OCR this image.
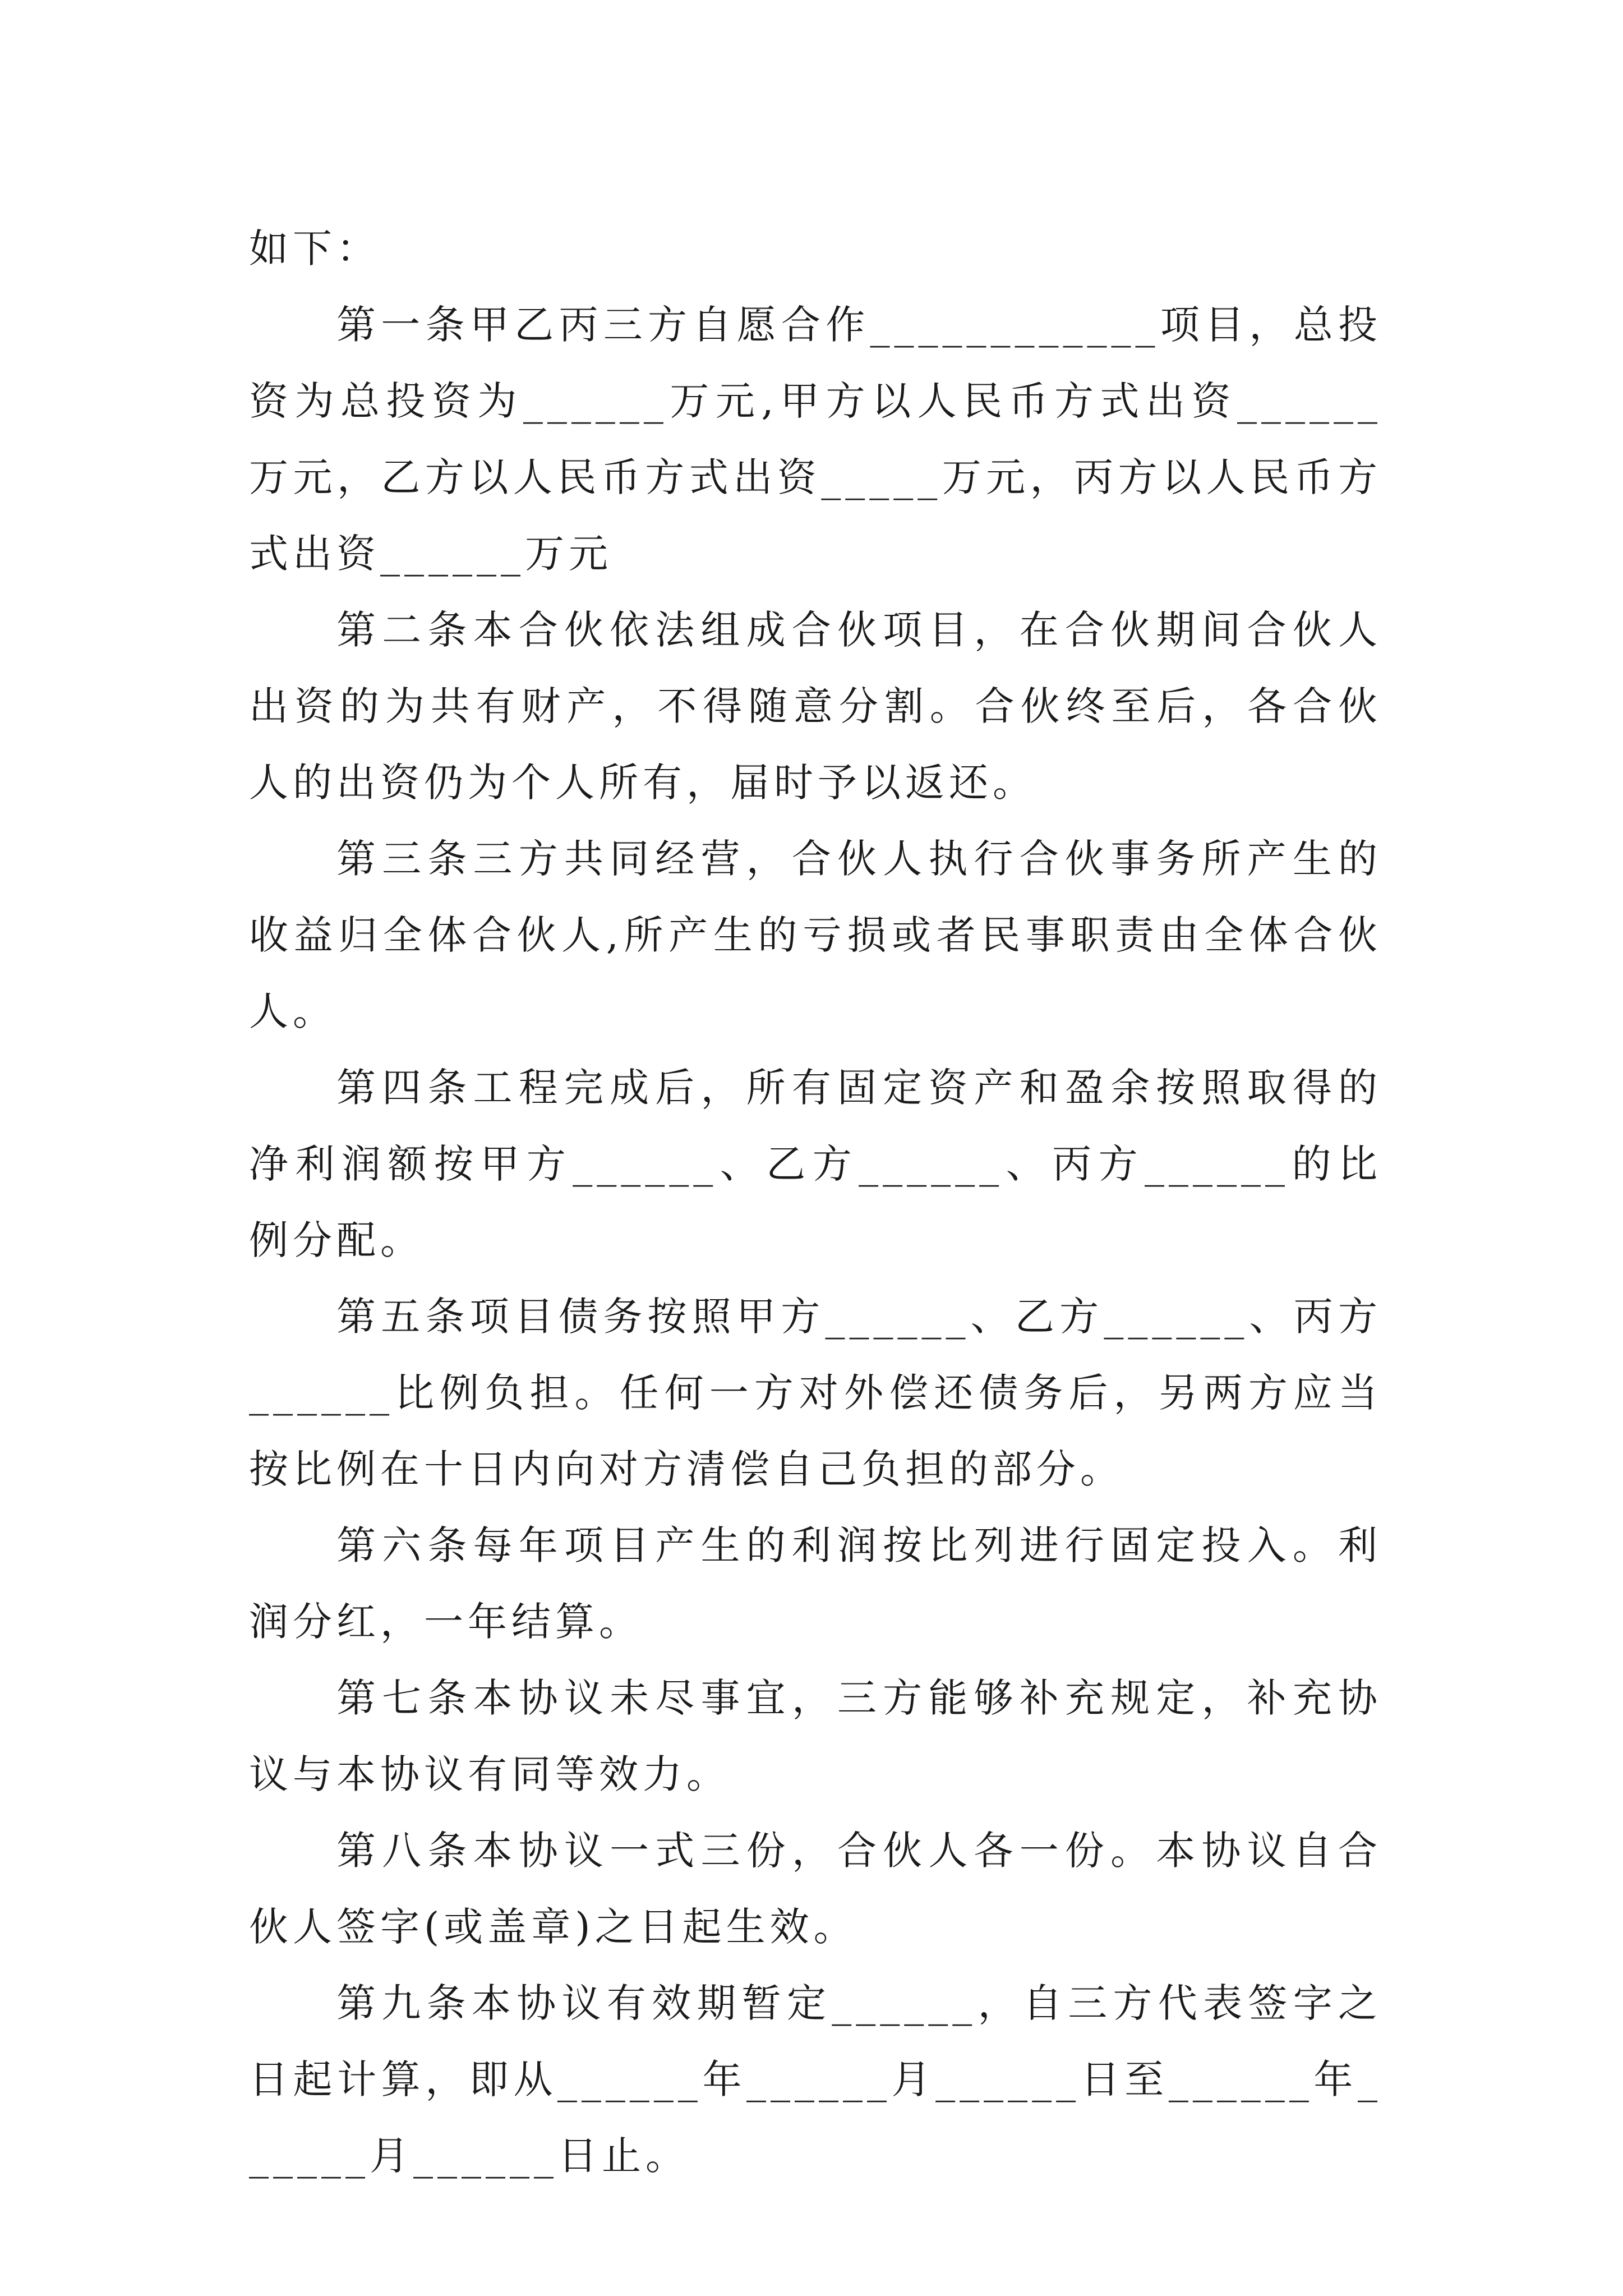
如下：

第一条甲乙丙三方自愿合作____________项目，总投资为总投资为______万元,甲方以人民币方式出资______万元，乙方以人民币方式出资_____万元，丙方以人民币方式出资______万元

第二条本合伙依法组成合伙项目，在合伙期间合伙人出资的为共有财产，不得随意分割。合伙终至后，各合伙人的出资仍为个人所有，届时予以返还。

第三条三方共同经营，合伙人执行合伙事务所产生的收益归全体合伙人,所产生的亏损或者民事职责由全体合伙人。

第四条工程完成后，所有固定资产和盈余按照取得的净利润额按甲方______、乙方______、丙方______的比例分配。

第五条项目债务按照甲方______、乙方______、丙方______比例负担。任何一方对外偿还债务后，另两方应当按比例在十日内向对方清偿自己负担的部分。

第六条每年项目产生的利润按比列进行固定投入。利润分红，一年结算。

第七条本协议未尽事宜，三方能够补充规定，补充协议与本协议有同等效力。

第八条本协议一式三份，合伙人各一份。本协议自合伙人签字(或盖章)之日起生效。

第九条本协议有效期暂定______，自三方代表签字之日起计算，即从______年______月______日至______年______月______日止。
